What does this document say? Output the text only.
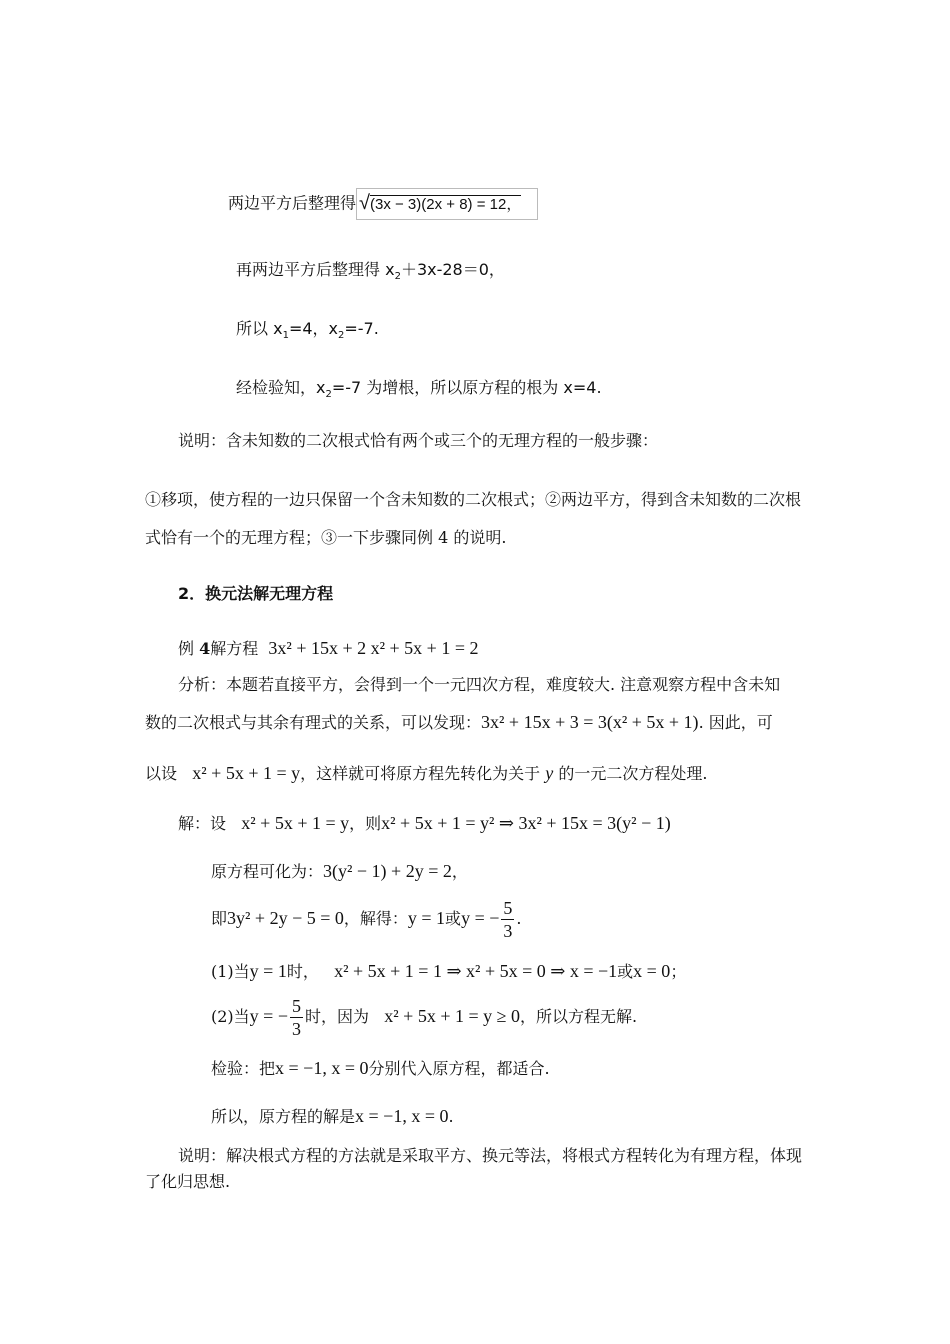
两边平方后整理得 √(3x − 3)(2x + 8) = 12，
再两边平方后整理得 $x_2+3x-28=0$，
所以 $x_1=4$，$x_2=-7$.
经检验知，$x_2=-7$ 为增根，所以原方程的根为 x=4.
说明：含未知数的二次根式恰有两个或三个的无理方程的一般步骤：
①移项，使方程的一边只保留一个含未知数的二次根式；②两边平方，得到含未知数的二次根式恰有一个的无理方程；③一下步骤同例 4 的说明.
2．换元法解无理方程
例 4解方程 3x² + 15x + 2 x² + 5x + 1 = 2
分析：本题若直接平方，会得到一个一元四次方程，难度较大. 注意观察方程中含未知
数的二次根式与其余有理式的关系，可以发现：3x² + 15x + 3 = 3(x² + 5x + 1). 因此，可
以设 x² + 5x + 1 = y，这样就可将原方程先转化为关于 y 的一元二次方程处理.
解：设 x² + 5x + 1 = y，则x² + 5x + 1 = y² ⇒ 3x² + 15x = 3(y² − 1)
原方程可化为：3(y² − 1) + 2y = 2，
即3y² + 2y − 5 = 0，解得：y = 1或y = − $\frac{5}{3}$ .
(1)当y = 1时， x² + 5x + 1 = 1 ⇒ x² + 5x = 0 ⇒ x = −1或x = 0；
(2)当y = − $\frac{5}{3}$ 时，因为 x² + 5x + 1 = y ≥ 0，所以方程无解.
检验：把x = −1, x = 0分别代入原方程，都适合.
所以，原方程的解是x = −1, x = 0.
说明：解决根式方程的方法就是采取平方、换元等法，将根式方程转化为有理方程，体现了化归思想.
